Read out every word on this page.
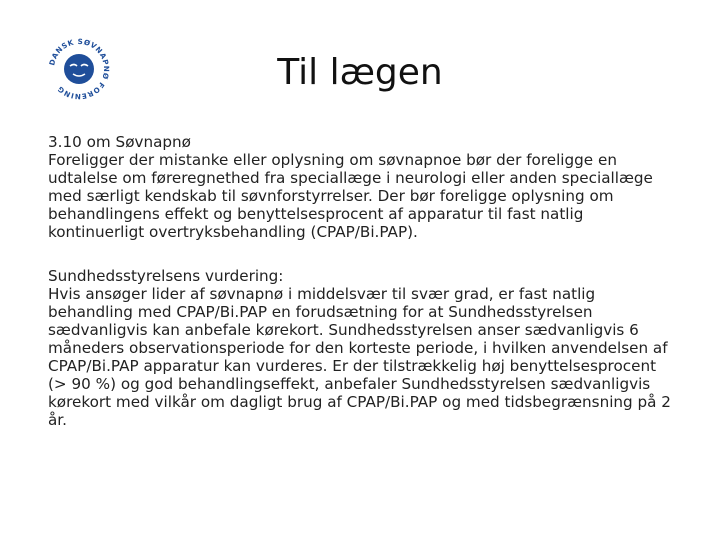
DANSK SØVNAPNØ FORENING	Til lægen

3.10 om Søvnapnø

Foreligger der mistanke eller oplysning om søvnapnoe bør der foreligge en udtalelse om føreregnethed fra speciallæge i neurologi eller anden speciallæge med særligt kendskab til søvnforstyrrelser. Der bør foreligge oplysning om behandlingens effekt og benyttelsesprocent af apparatur til fast natlig kontinuerligt overtryksbehandling (CPAP/Bi.PAP).

Sundhedsstyrelsens vurdering:

Hvis ansøger lider af søvnapnø i middelsvær til svær grad, er fast natlig behandling med CPAP/Bi.PAP en forudsætning for at Sundhedsstyrelsen sædvanligvis kan anbefale kørekort. Sundhedsstyrelsen anser sædvanligvis 6 måneders observationsperiode for den korteste periode, i hvilken anvendelsen af CPAP/Bi.PAP apparatur kan vurderes. Er der tilstrækkelig høj benyttelsesprocent (> 90 %) og god behandlingseffekt, anbefaler Sundhedsstyrelsen sædvanligvis kørekort med vilkår om dagligt brug af CPAP/Bi.PAP og med tidsbegrænsning på 2 år.
